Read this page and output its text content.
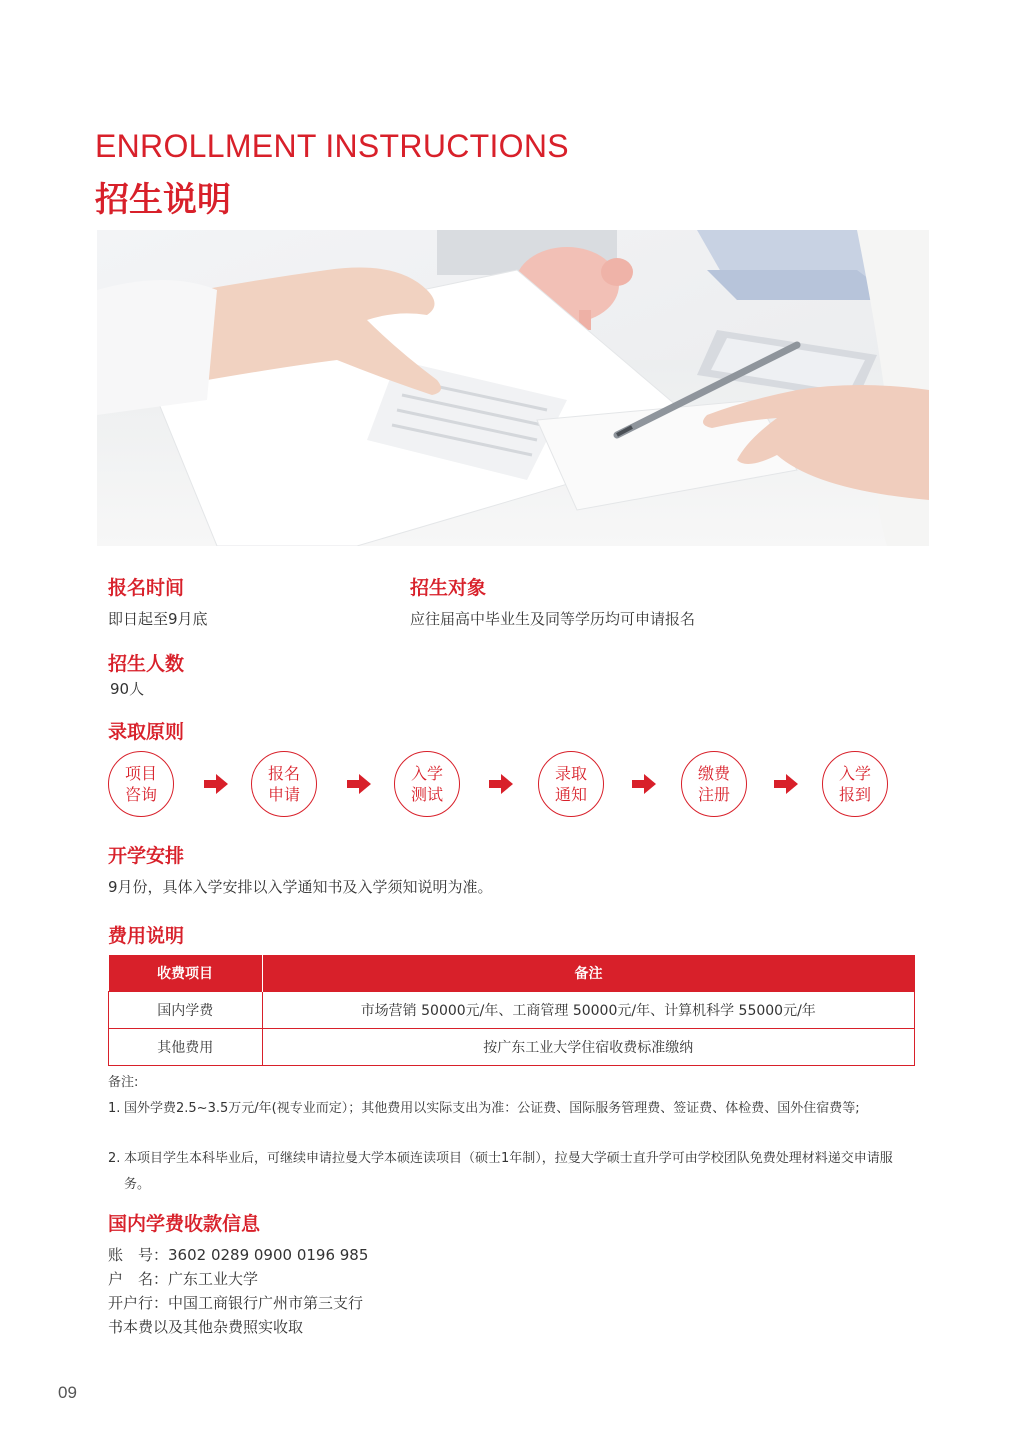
ENROLLMENT INSTRUCTIONS
招生说明
报名时间
即日起至9月底
招生对象
应往届高中毕业生及同等学历均可申请报名
招生人数
90人
录取原则
项目咨询
报名申请
入学测试
录取通知
缴费注册
入学报到
开学安排
9月份，具体入学安排以入学通知书及入学须知说明为准。
费用说明
收费项目	备注
国内学费	市场营销 50000元/年、工商管理 50000元/年、计算机科学 55000元/年
其他费用	按广东工业大学住宿收费标准缴纳
备注:
1. 国外学费2.5~3.5万元/年(视专业而定）；其他费用以实际支出为准：公证费、国际服务管理费、签证费、体检费、国外住宿费等;
2. 本项目学生本科毕业后，可继续申请拉曼大学本硕连读项目（硕士1年制），拉曼大学硕士直升学可由学校团队免费处理材料递交申请服务。
国内学费收款信息
账　号：3602 0289 0900 0196 985
户　名：广东工业大学
开户行：中国工商银行广州市第三支行
书本费以及其他杂费照实收取
09
